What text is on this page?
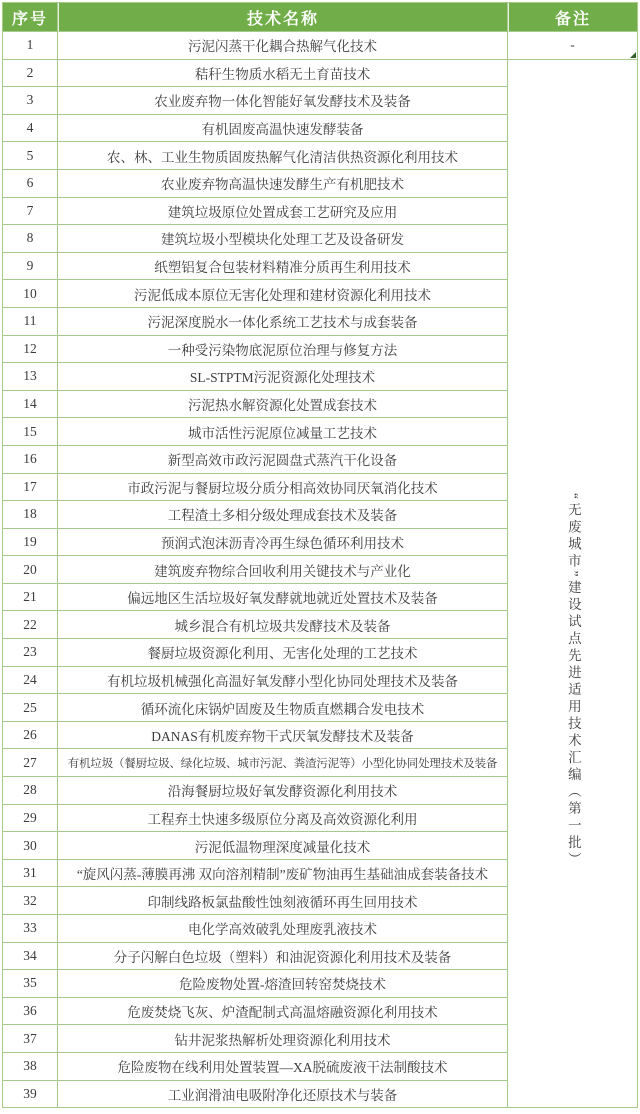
序号	技术名称	备注
1	污泥闪蒸干化耦合热解气化技术	-

2	秸秆生物质水稻无土育苗技术	“无废城市”建设试点先进适用技术汇编（第一批）
3	农业废弃物一体化智能好氧发酵技术及装备	
4	有机固废高温快速发酵装备	
5	农、林、工业生物质固废热解气化清洁供热资源化利用技术	
6	农业废弃物高温快速发酵生产有机肥技术	
7	建筑垃圾原位处置成套工艺研究及应用	
8	建筑垃圾小型模块化处理工艺及设备研发	
9	纸塑铝复合包装材料精准分质再生利用技术	
10	污泥低成本原位无害化处理和建材资源化利用技术	
11	污泥深度脱水一体化系统工艺技术与成套装备	
12	一种受污染物底泥原位治理与修复方法	
13	SL-STPTM污泥资源化处理技术	
14	污泥热水解资源化处置成套技术	
15	城市活性污泥原位减量工艺技术	
16	新型高效市政污泥圆盘式蒸汽干化设备	
17	市政污泥与餐厨垃圾分质分相高效协同厌氧消化技术	
18	工程渣土多相分级处理成套技术及装备	
19	预润式泡沫沥青冷再生绿色循环利用技术	
20	建筑废弃物综合回收利用关键技术与产业化	
21	偏远地区生活垃圾好氧发酵就地就近处置技术及装备	
22	城乡混合有机垃圾共发酵技术及装备	
23	餐厨垃圾资源化利用、无害化处理的工艺技术	
24	有机垃圾机械强化高温好氧发酵小型化协同处理技术及装备	
25	循环流化床锅炉固废及生物质直燃耦合发电技术	
26	DANAS有机废弃物干式厌氧发酵技术及装备	
27	有机垃圾（餐厨垃圾、绿化垃圾、城市污泥、粪渣污泥等）小型化协同处理技术及装备	
28	沿海餐厨垃圾好氧发酵资源化利用技术	
29	工程弃土快速多级原位分离及高效资源化利用	
30	污泥低温物理深度减量化技术	
31	“旋风闪蒸-薄膜再沸 双向溶剂精制”废矿物油再生基础油成套装备技术	
32	印制线路板氯盐酸性蚀刻液循环再生回用技术	
33	电化学高效破乳处理废乳液技术	
34	分子闪解白色垃圾（塑料）和油泥资源化利用技术及装备	
35	危险废物处置-熔渣回转窑焚烧技术	
36	危废焚烧飞灰、炉渣配制式高温熔融资源化利用技术	
37	钻井泥浆热解析处理资源化利用技术	
38	危险废物在线利用处置装置—XA脱硫废液干法制酸技术	
39	工业润滑油电吸附净化还原技术与装备	
